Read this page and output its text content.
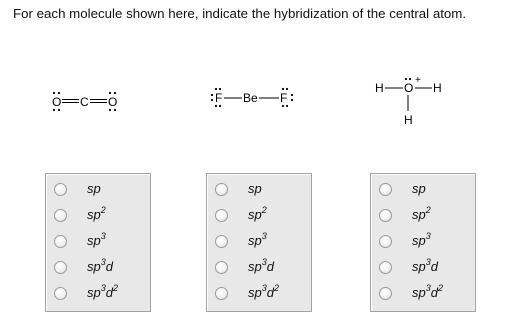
For each molecule shown here, indicate the hybridization of the central atom.
O C O	F Be F
H
+
O H
H
sp
$sp^2$
$sp^3$
$sp^3d$
$sp^3d^2$
sp
$sp^2$
$sp^3$
$sp^3d$
$sp^3d^2$
sp
$sp^2$
$sp^3$
$sp^3d$
$sp^3d^2$
